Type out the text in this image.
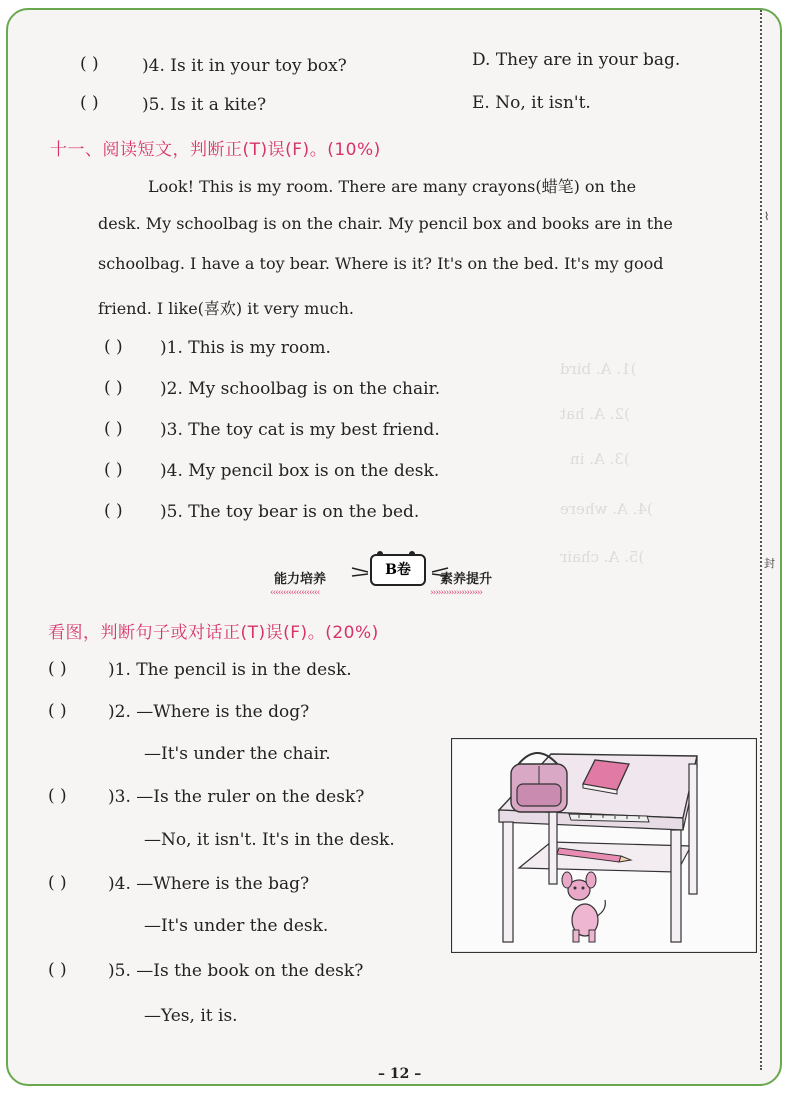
)1. A. bird
)2. A. hat
)3. A. in
)4. A. where
)5. A. chair
⌇
封
( )	)4. Is it in your toy box?	D. They are in your bag.
( )	)5. Is it a kite?	E. No, it isn't.
十一、阅读短文，判断正(T)误(F)。(10%)
Look! This is my room. There are many crayons(蜡笔) on the
desk. My schoolbag is on the chair. My pencil box and books are in the
schoolbag. I have a toy bear. Where is it? It's on the bed. It's my good
friend. I like(喜欢) it very much.
( ) )1. This is my room.
( ) )2. My schoolbag is on the chair.
( ) )3. The toy cat is my best friend.
( ) )4. My pencil box is on the desk.
( ) )5. The toy bear is on the bed.
能力培养
B卷
素养提升
‹‹‹‹‹‹‹‹‹‹‹‹‹‹‹‹‹‹‹	››››››››››››››››››››
看图，判断句子或对话正(T)误(F)。(20%)
( ) )1. The pencil is in the desk.
( ) )2. —Where is the dog?
—It's under the chair.
( ) )3. —Is the ruler on the desk?
—No, it isn't. It's in the desk.
( ) )4. —Where is the bag?
—It's under the desk.
( ) )5. —Is the book on the desk?
—Yes, it is.
– 12 –
